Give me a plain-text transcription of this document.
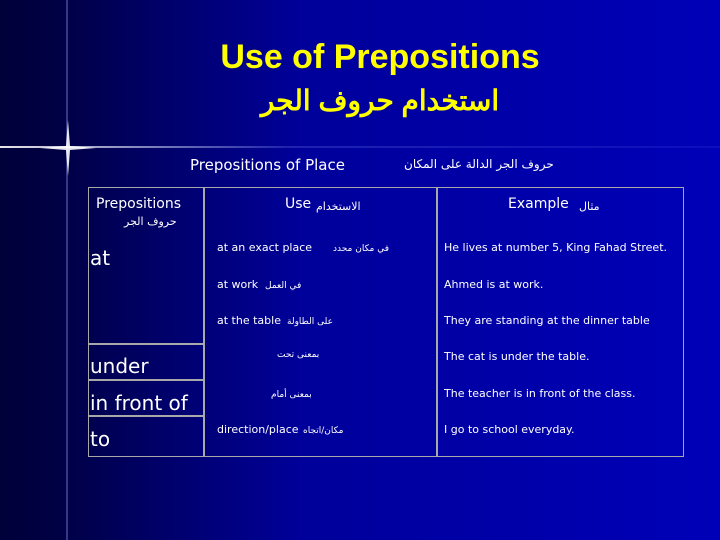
Use of Prepositions
استخدام حروف الجر
Prepositions of Place	حروف الجر الدالة على المكان
Prepositions
حروف الجر
Use الاستخدام	Example مثال
at
under
in front of
to
at an exact place في مكان محدد
at work في العمل
at the table على الطاولة
بمعنى تحت
بمعنى أمام
direction/place مكان/اتجاه
He lives at number 5, King Fahad Street.
Ahmed is at work.
They are standing at the dinner table
The cat is under the table.
The teacher is in front of the class.
I go to school everyday.
